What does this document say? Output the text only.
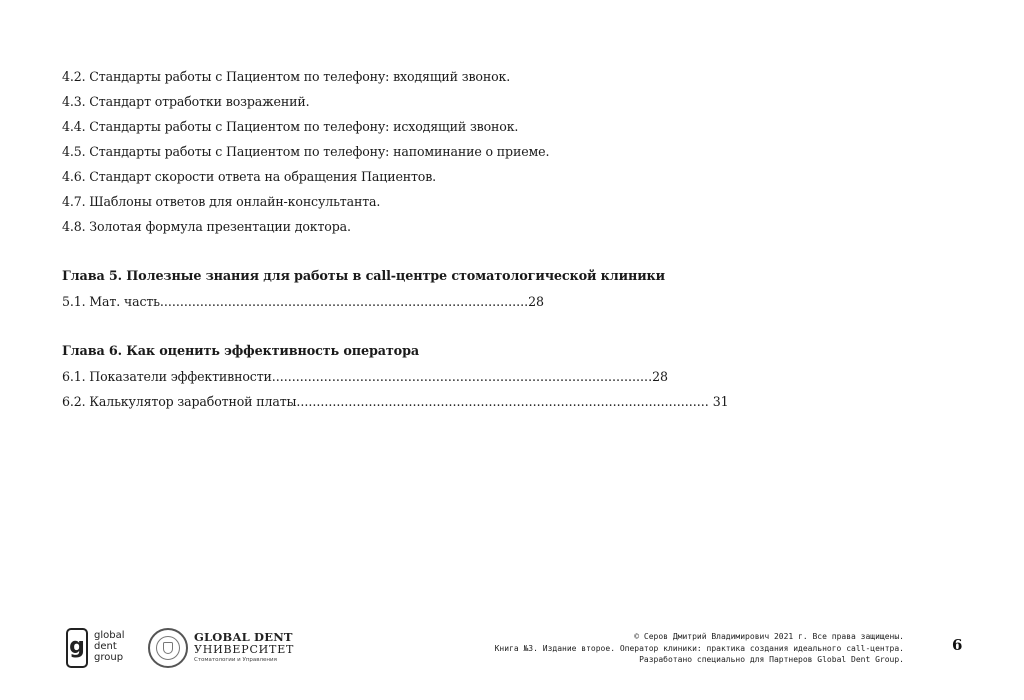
4.2. Стандарты работы с Пациентом по телефону: входящий звонок.
4.3. Стандарт отработки возражений.
4.4. Стандарты работы с Пациентом по телефону: исходящий звонок.
4.5. Стандарты работы с Пациентом по телефону: напоминание о приеме.
4.6. Стандарт скорости ответа на обращения Пациентов.
4.7. Шаблоны ответов для онлайн-консультанта.
4.8. Золотая формула презентации доктора.
Глава 5. Полезные знания для работы в call-центре стоматологической клиники
5.1. Мат. часть............................................................................................28
Глава 6. Как оценить эффективность оператора
6.1. Показатели эффективности...............................................................................................28
6.2. Калькулятор заработной платы....................................................................................................... 31
g global
dent
group
GLOBAL DENT
УНИВЕРСИТЕТ
Стоматологии и Управления
© Серов Дмитрий Владимирович 2021 г. Все права защищены.
Книга №3. Издание второе. Оператор клиники: практика создания идеального call-центра.
Разработано специально для Партнеров Global Dent Group.
6
